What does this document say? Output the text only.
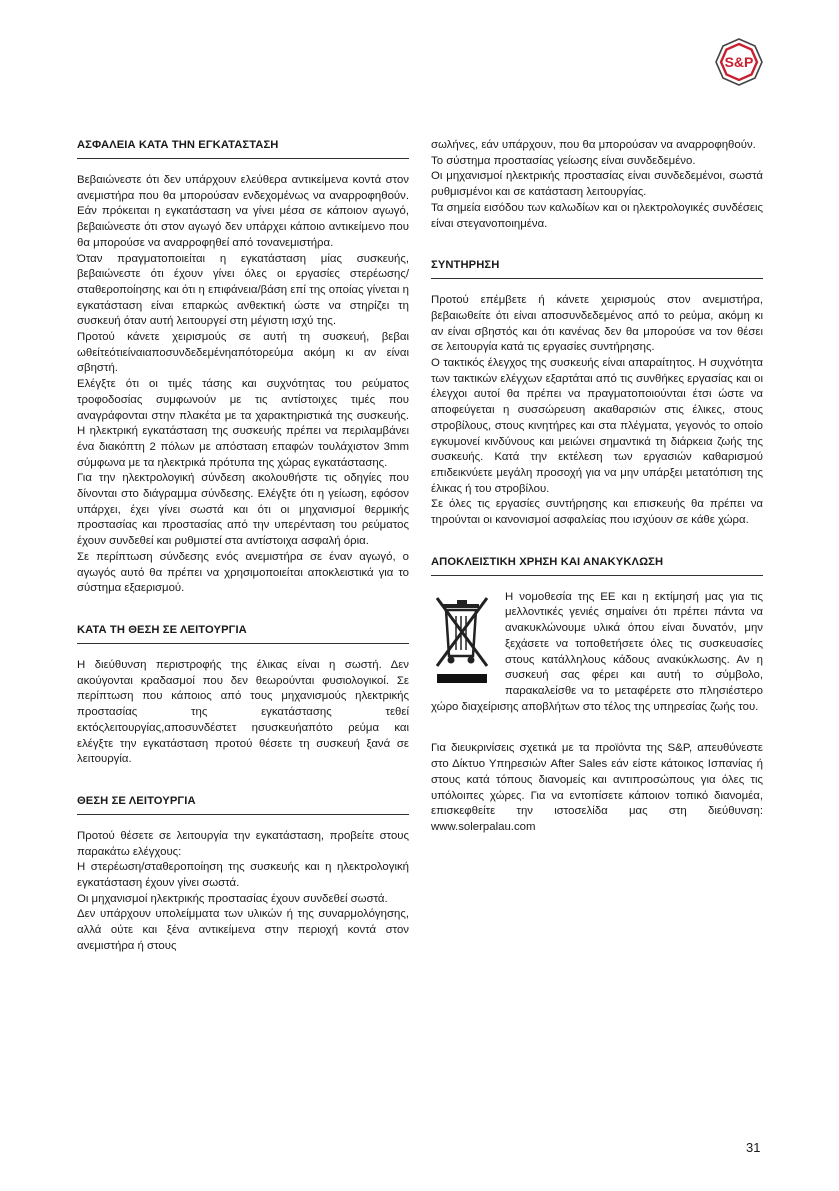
S&P
ΑΣΦΑΛΕΙΑ ΚΑΤΑ ΤΗΝ ΕΓΚΑΤΑΣΤΑΣΗ

Βεβαιώνεστε ότι δεν υπάρχουν ελεύθερα αντικείμενα κοντά στον ανεμιστήρα που θα μπορούσαν ενδεχομένως να αναρροφηθούν. Εάν πρόκειται η εγκατάσταση να γίνει μέσα σε κάποιον αγωγό, βεβαιώνεστε ότι στον αγωγό δεν υπάρχει κάποιο αντικείμενο που θα μπορούσε να αναρροφηθεί από τονανεμιστήρα.

Όταν πραγματοποιείται η εγκατάσταση μίας συσκευής, βεβαιώνεστε ότι έχουν γίνει όλες οι εργασίες στερέωσης/σταθεροποίησης και ότι η επιφάνεια/βάση επί της οποίας γίνεται η εγκατάσταση είναι επαρκώς ανθεκτική ώστε να στηρίζει τη συσκευή όταν αυτή λειτουργεί στη μέγιστη ισχύ της.

Προτού κάνετε χειρισμούς σε αυτή τη συσκευή, βεβαι ωθείτεότιείναιαποσυνδεδεμένηαπότορεύμα ακόμη κι αν είναι σβηστή.

Ελέγξτε ότι οι τιμές τάσης και συχνότητας του ρεύματος τροφοδοσίας συμφωνούν με τις αντίστοιχες τιμές που αναγράφονται στην πλακέτα με τα χαρακτηριστικά της συσκευής. Η ηλεκτρική εγκατάσταση της συσκευής πρέπει να περιλαμβάνει ένα διακόπτη 2 πόλων με απόσταση επαφών τουλάχιστον 3mm σύμφωνα με τα ηλεκτρικά πρότυπα της χώρας εγκατάστασης.

Για την ηλεκτρολογική σύνδεση ακολουθήστε τις οδηγίες που δίνονται στο διάγραμμα σύνδεσης. Ελέγξτε ότι η γείωση, εφόσον υπάρχει, έχει γίνει σωστά και ότι οι μηχανισμοί θερμικής προστασίας και προστασίας από την υπερένταση του ρεύματος έχουν συνδεθεί και ρυθμιστεί στα αντίστοιχα ασφαλή όρια.

Σε περίπτωση σύνδεσης ενός ανεμιστήρα σε έναν αγωγό, ο αγωγός αυτό θα πρέπει να χρησιμοποιείται αποκλειστικά για το σύστημα εξαερισμού.

ΚΑΤΑ ΤΗ ΘΕΣΗ ΣΕ ΛΕΙΤΟΥΡΓΙΑ

Η διεύθυνση περιστροφής της έλικας είναι η σωστή. Δεν ακούγονται κραδασμοί που δεν θεωρούνται φυσιολογικοί. Σε περίπτωση που κάποιος από τους μηχανισμούς ηλεκτρικής προστασίας της εγκατάστασης τεθεί εκτόςλειτουργίας,αποσυνδέστετ ησυσκευήαπότο ρεύμα και ελέγξτε την εγκατάσταση προτού θέσετε τη συσκευή ξανά σε λειτουργία.

ΘΕΣΗ ΣΕ ΛΕΙΤΟΥΡΓΙΑ

Προτού θέσετε σε λειτουργία την εγκατάσταση, προβείτε στους παρακάτω ελέγχους:

Η στερέωση/σταθεροποίηση της συσκευής και η ηλεκτρολογική εγκατάσταση έχουν γίνει σωστά.

Οι μηχανισμοί ηλεκτρικής προστασίας έχουν συνδεθεί σωστά.

Δεν υπάρχουν υπολείμματα των υλικών ή της συναρμολόγησης, αλλά ούτε και ξένα αντικείμενα στην περιοχή κοντά στον ανεμιστήρα ή στους

σωλήνες, εάν υπάρχουν, που θα μπορούσαν να αναρροφηθούν.

Το σύστημα προστασίας γείωσης είναι συνδεδεμένο.

Οι μηχανισμοί ηλεκτρικής προστασίας είναι συνδεδεμένοι, σωστά ρυθμισμένοι και σε κατάσταση λειτουργίας.

Τα σημεία εισόδου των καλωδίων και οι ηλεκτρολογικές συνδέσεις είναι στεγανοποιημένα.

ΣΥΝΤΗΡΗΣΗ

Προτού επέμβετε ή κάνετε χειρισμούς στον ανεμιστήρα, βεβαιωθείτε ότι είναι αποσυνδεδεμένος από το ρεύμα, ακόμη κι αν είναι σβηστός και ότι κανένας δεν θα μπορούσε να τον θέσει σε λειτουργία κατά τις εργασίες συντήρησης.

Ο τακτικός έλεγχος της συσκευής είναι απαραίτητος. Η συχνότητα των τακτικών ελέγχων εξαρτάται από τις συνθήκες εργασίας και οι έλεγχοι αυτοί θα πρέπει να πραγματοποιούνται έτσι ώστε να αποφεύγεται η συσσώρευση ακαθαρσιών στις έλικες, στους στροβίλους, στους κινητήρες και στα πλέγματα, γεγονός το οποίο εγκυμονεί κινδύνους και μειώνει σημαντικά τη διάρκεια ζωής της συσκευής. Κατά την εκτέλεση των εργασιών καθαρισμού επιδεικνύετε μεγάλη προσοχή για να μην υπάρξει μετατόπιση της έλικας ή του στροβίλου.

Σε όλες τις εργασίες συντήρησης και επισκευής θα πρέπει να τηρούνται οι κανονισμοί ασφαλείας που ισχύουν σε κάθε χώρα.

ΑΠΟΚΛΕΙΣΤΙΚΗ ΧΡΗΣΗ ΚΑΙ ΑΝΑΚΥΚΛΩΣΗ

Η νομοθεσία της ΕΕ και η εκτίμησή μας για τις μελλοντικές γενιές σημαίνει ότι πρέπει πάντα να ανακυκλώνουμε υλικά όπου είναι δυνατόν, μην ξεχάσετε να τοποθετήσετε όλες τις συσκευασίες στους κατάλληλους κάδους ανακύκλωσης. Αν η συσκευή σας φέρει και αυτή το σύμβολο, παρακαλείσθε να το μεταφέρετε στο πλησιέστερο χώρο διαχείρισης αποβλήτων στο τέλος της υπηρεσίας ζωής του.

Για διευκρινίσεις σχετικά με τα προϊόντα της S&P, απευθύνεστε στο Δίκτυο Υπηρεσιών After Sales εάν είστε κάτοικος Ισπανίας ή στους κατά τόπους διανομείς και αντιπροσώπους για όλες τις υπόλοιπες χώρες. Για να εντοπίσετε κάποιον τοπικό διανομέα, επισκεφθείτε την ιστοσελίδα μας στη διεύθυνση: www.solerpalau.com

31
